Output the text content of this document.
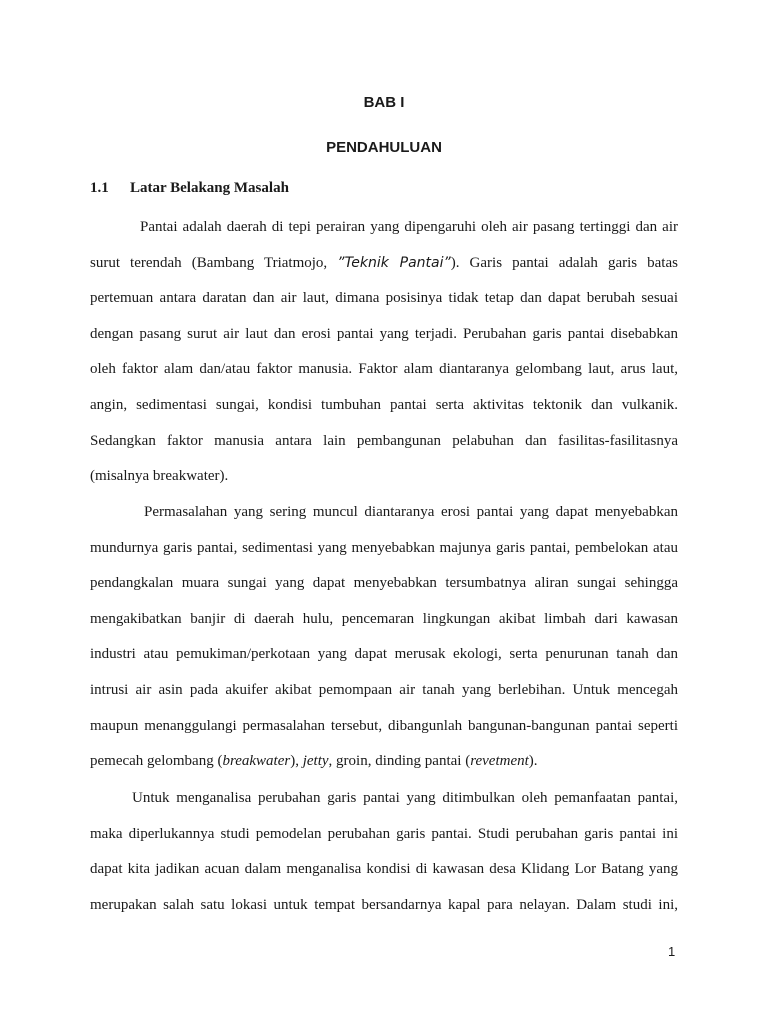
BAB I
PENDAHULUAN
1.1 Latar Belakang Masalah
Pantai adalah daerah di tepi perairan yang dipengaruhi oleh air pasang tertinggi dan air
surut terendah (Bambang Triatmojo, ”Teknik Pantai”). Garis pantai adalah garis batas
pertemuan antara daratan dan air laut, dimana posisinya tidak tetap dan dapat berubah sesuai
dengan pasang surut air laut dan erosi pantai yang terjadi. Perubahan garis pantai disebabkan
oleh faktor alam dan/atau faktor manusia. Faktor alam diantaranya gelombang laut, arus laut,
angin, sedimentasi sungai, kondisi tumbuhan pantai serta aktivitas tektonik dan vulkanik.
Sedangkan faktor manusia antara lain pembangunan pelabuhan dan fasilitas-fasilitasnya
(misalnya breakwater).
Permasalahan yang sering muncul diantaranya erosi pantai yang dapat menyebabkan
mundurnya garis pantai, sedimentasi yang menyebabkan majunya garis pantai, pembelokan atau
pendangkalan muara sungai yang dapat menyebabkan tersumbatnya aliran sungai sehingga
mengakibatkan banjir di daerah hulu, pencemaran lingkungan akibat limbah dari kawasan
industri atau pemukiman/perkotaan yang dapat merusak ekologi, serta penurunan tanah dan
intrusi air asin pada akuifer akibat pemompaan air tanah yang berlebihan. Untuk mencegah
maupun menanggulangi permasalahan tersebut, dibangunlah bangunan-bangunan pantai seperti
pemecah gelombang (breakwater), jetty, groin, dinding pantai (revetment).
Untuk menganalisa perubahan garis pantai yang ditimbulkan oleh pemanfaatan pantai,
maka diperlukannya studi pemodelan perubahan garis pantai. Studi perubahan garis pantai ini
dapat kita jadikan acuan dalam menganalisa kondisi di kawasan desa Klidang Lor Batang yang
merupakan salah satu lokasi untuk tempat bersandarnya kapal para nelayan. Dalam studi ini,
1
